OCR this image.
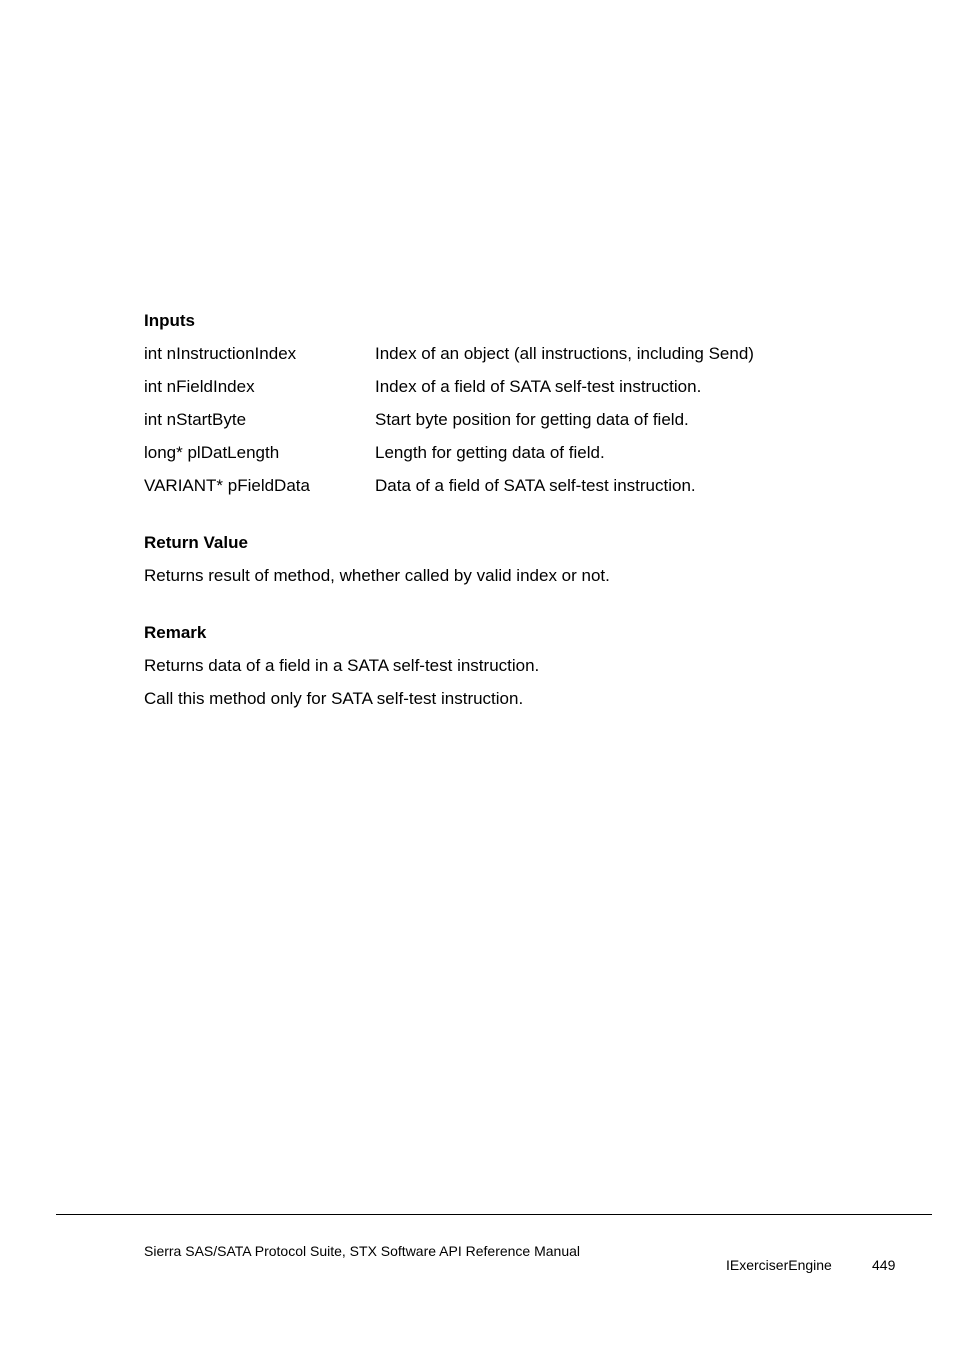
Inputs
int nInstructionIndex	Index of an object (all instructions, including Send)
int nFieldIndex	Index of a field of SATA self-test instruction.
int nStartByte	Start byte position for getting data of field.
long* plDatLength	Length for getting data of field.
VARIANT* pFieldData	Data of a field of SATA self-test instruction.
Return Value

Returns result of method, whether called by valid index or not.

Remark

Returns data of a field in a SATA self-test instruction.

Call this method only for SATA self-test instruction.

Sierra SAS/SATA Protocol Suite, STX Software API Reference Manual
IExerciserEngine	449
